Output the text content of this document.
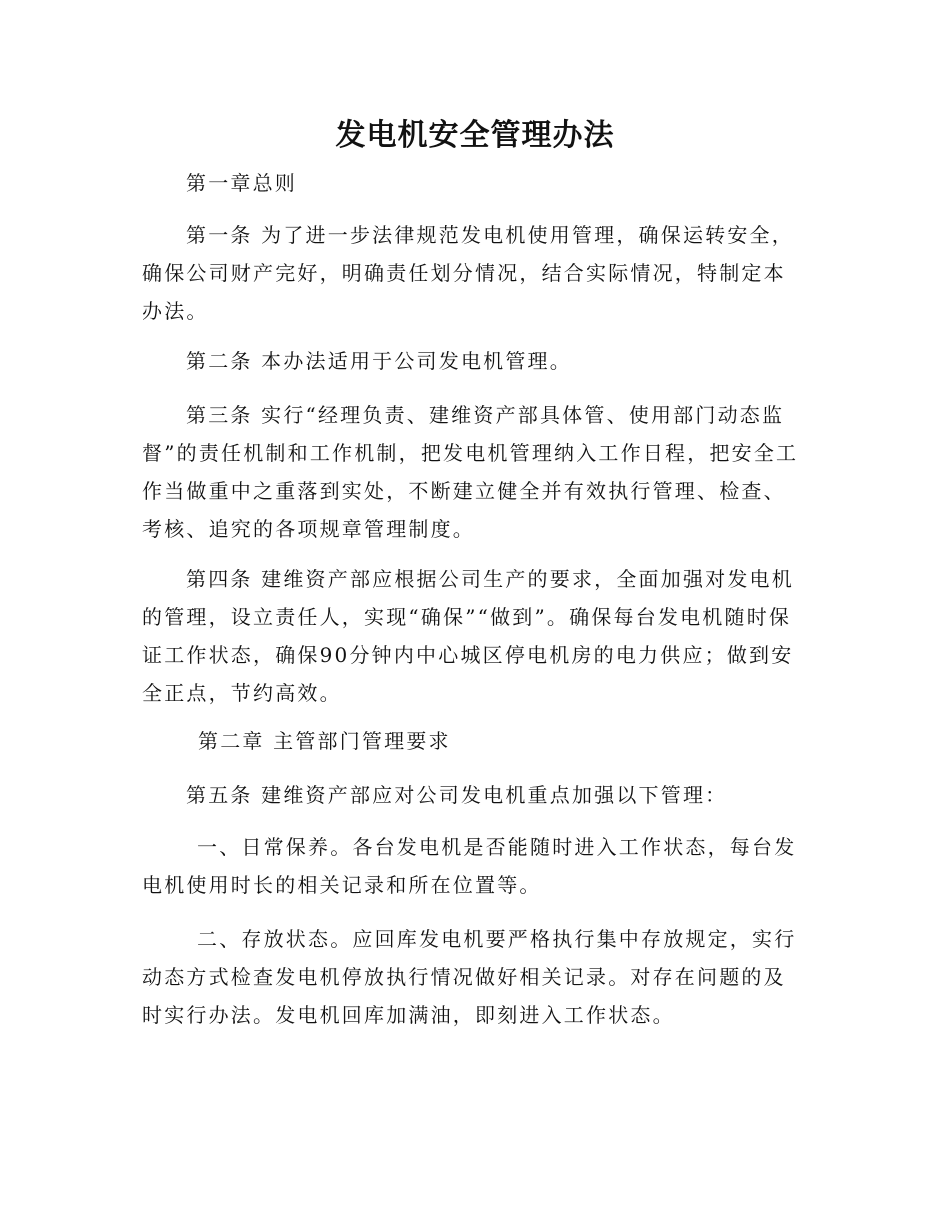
发电机安全管理办法

第一章总则

第一条 为了进一步法律规范发电机使用管理，确保运转安全，确保公司财产完好，明确责任划分情况，结合实际情况，特制定本办法。

第二条 本办法适用于公司发电机管理。

第三条 实行“经理负责、建维资产部具体管、使用部门动态监督”的责任机制和工作机制，把发电机管理纳入工作日程，把安全工作当做重中之重落到实处，不断建立健全并有效执行管理、检查、考核、追究的各项规章管理制度。

第四条 建维资产部应根据公司生产的要求，全面加强对发电机的管理，设立责任人，实现“确保”“做到”。确保每台发电机随时保证工作状态，确保90分钟内中心城区停电机房的电力供应；做到安全正点，节约高效。

第二章 主管部门管理要求

第五条 建维资产部应对公司发电机重点加强以下管理：

一、日常保养。各台发电机是否能随时进入工作状态，每台发电机使用时长的相关记录和所在位置等。

二、存放状态。应回库发电机要严格执行集中存放规定，实行动态方式检查发电机停放执行情况做好相关记录。对存在问题的及时实行办法。发电机回库加满油，即刻进入工作状态。
